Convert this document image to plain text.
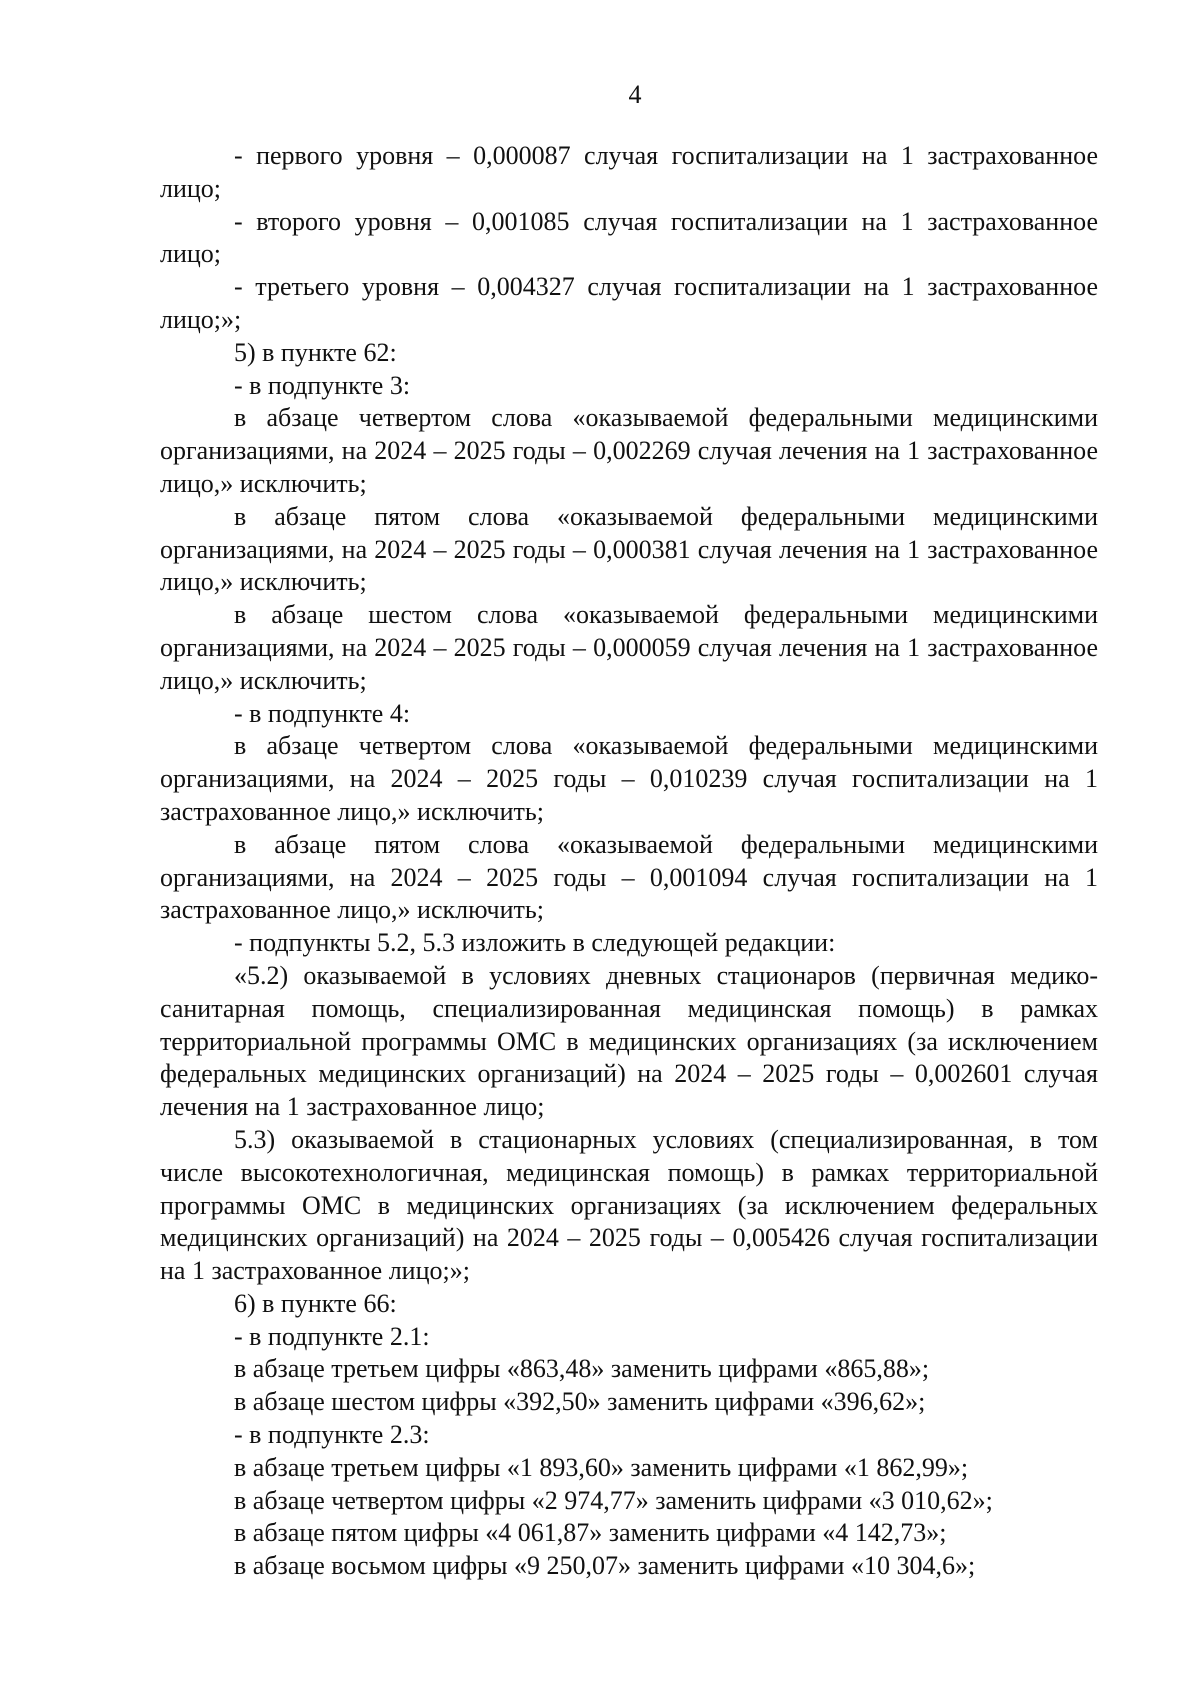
4

- первого уровня – 0,000087 случая госпитализации на 1 застрахованное лицо;

- второго уровня – 0,001085 случая госпитализации на 1 застрахованное лицо;

- третьего уровня – 0,004327 случая госпитализации на 1 застрахованное лицо;»;

5) в пункте 62:

- в подпункте 3:

в абзаце четвертом слова «оказываемой федеральными медицинскими организациями, на 2024 – 2025 годы – 0,002269 случая лечения на 1 застрахованное лицо,» исключить;

в абзаце пятом слова «оказываемой федеральными медицинскими организациями, на 2024 – 2025 годы – 0,000381 случая лечения на 1 застрахованное лицо,» исключить;

в абзаце шестом слова «оказываемой федеральными медицинскими организациями, на 2024 – 2025 годы – 0,000059 случая лечения на 1 застрахованное лицо,» исключить;

- в подпункте 4:

в абзаце четвертом слова «оказываемой федеральными медицинскими организациями, на 2024 – 2025 годы – 0,010239 случая госпитализации на 1 застрахованное лицо,» исключить;

в абзаце пятом слова «оказываемой федеральными медицинскими организациями, на 2024 – 2025 годы – 0,001094 случая госпитализации на 1 застрахованное лицо,» исключить;

- подпункты 5.2, 5.3 изложить в следующей редакции:

«5.2) оказываемой в условиях дневных стационаров (первичная медико-санитарная помощь, специализированная медицинская помощь) в рамках территориальной программы ОМС в медицинских организациях (за исключением федеральных медицинских организаций) на 2024 – 2025 годы – 0,002601 случая лечения на 1 застрахованное лицо;

5.3) оказываемой в стационарных условиях (специализированная, в том числе высокотехнологичная, медицинская помощь) в рамках территориальной программы ОМС в медицинских организациях (за исключением федеральных медицинских организаций) на 2024 – 2025 годы – 0,005426 случая госпитализации на 1 застрахованное лицо;»;

6) в пункте 66:

- в подпункте 2.1:

в абзаце третьем цифры «863,48» заменить цифрами «865,88»;

в абзаце шестом цифры «392,50» заменить цифрами «396,62»;

- в подпункте 2.3:

в абзаце третьем цифры «1 893,60» заменить цифрами «1 862,99»;

в абзаце четвертом цифры «2 974,77» заменить цифрами «3 010,62»;

в абзаце пятом цифры «4 061,87» заменить цифрами «4 142,73»;

в абзаце восьмом цифры «9 250,07» заменить цифрами «10 304,6»;
